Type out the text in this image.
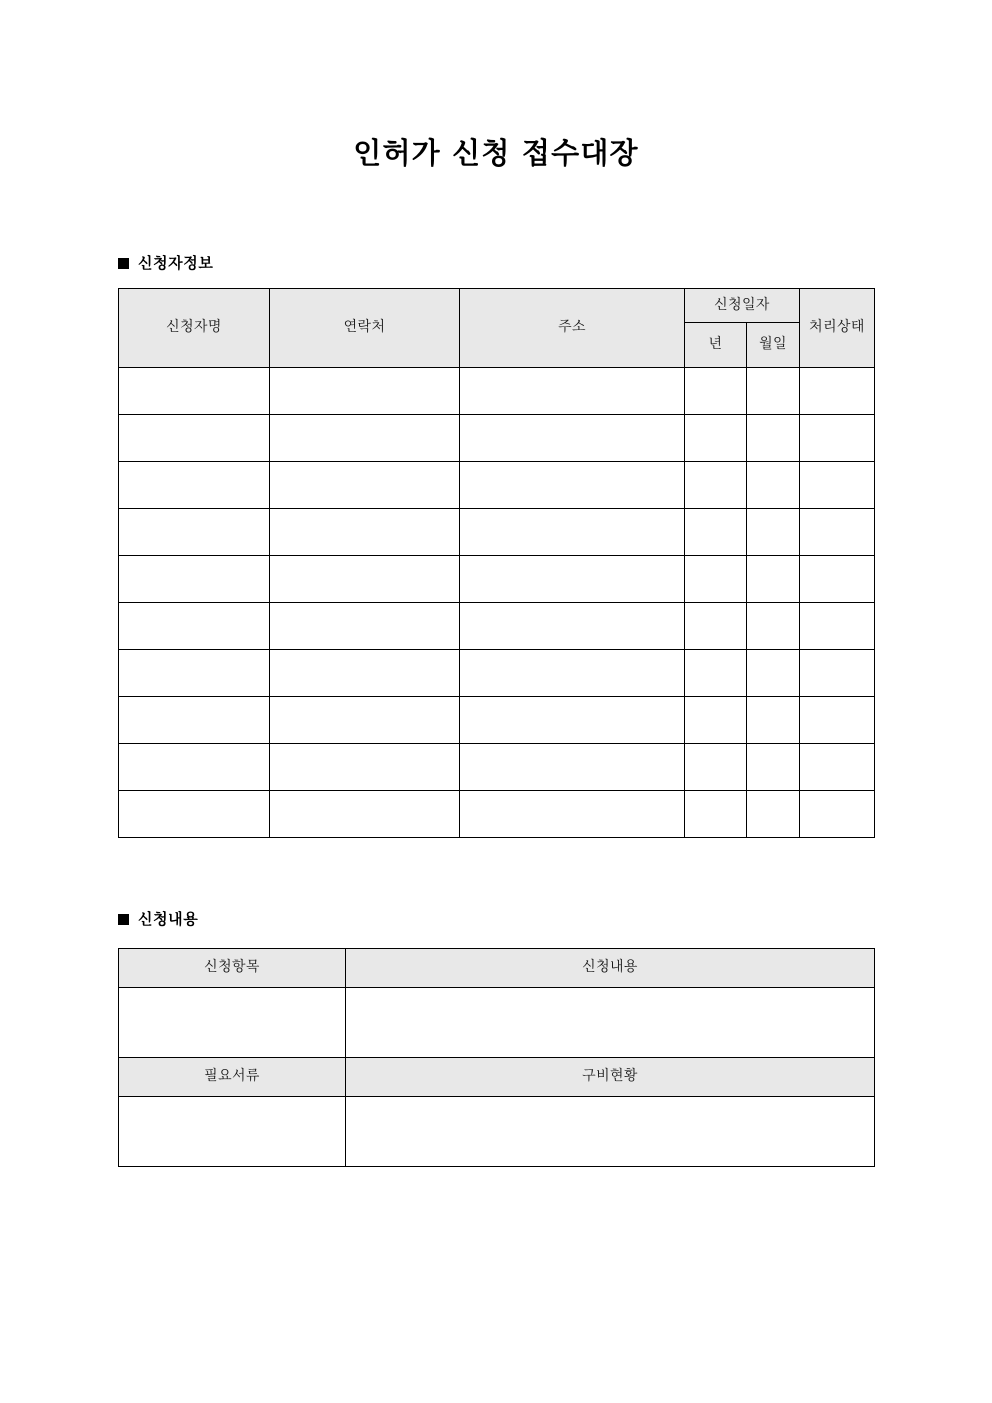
인허가 신청 접수대장
신청자정보
신청자명	연락처	주소	신청일자		처리상태
			년	월일	

신청내용
신청항목	신청내용

필요서류	구비현황
